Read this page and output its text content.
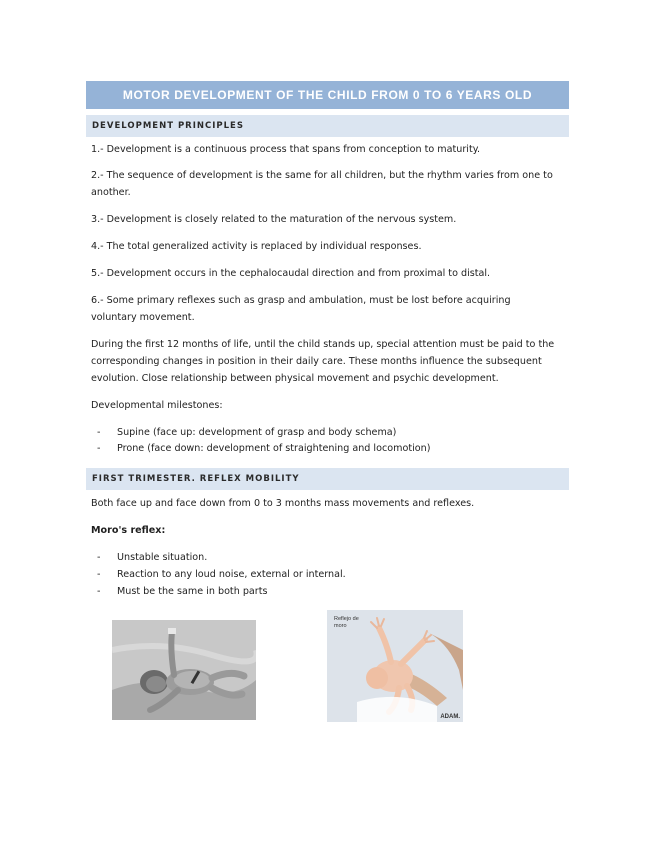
MOTOR DEVELOPMENT OF THE CHILD FROM 0 TO 6 YEARS OLD
DEVELOPMENT PRINCIPLES

1.- Development is a continuous process that spans from conception to maturity.

2.- The sequence of development is the same for all children, but the rhythm varies from one to another.

3.- Development is closely related to the maturation of the nervous system.

4.- The total generalized activity is replaced by individual responses.

5.- Development occurs in the cephalocaudal direction and from proximal to distal.

6.- Some primary reflexes such as grasp and ambulation, must be lost before acquiring voluntary movement.

During the first 12 months of life, until the child stands up, special attention must be paid to the corresponding changes in position in their daily care. These months influence the subsequent evolution. Close relationship between physical movement and psychic development.

Developmental milestones:

- Supine (face up: development of grasp and body schema)
- Prone (face down: development of straightening and locomotion)
FIRST TRIMESTER. REFLEX MOBILITY

Both face up and face down from 0 to 3 months mass movements and reflexes.

Moro's reflex:

- Unstable situation.
- Reaction to any loud noise, external or internal.
- Must be the same in both parts
Reflejo de moro
ADAM.
